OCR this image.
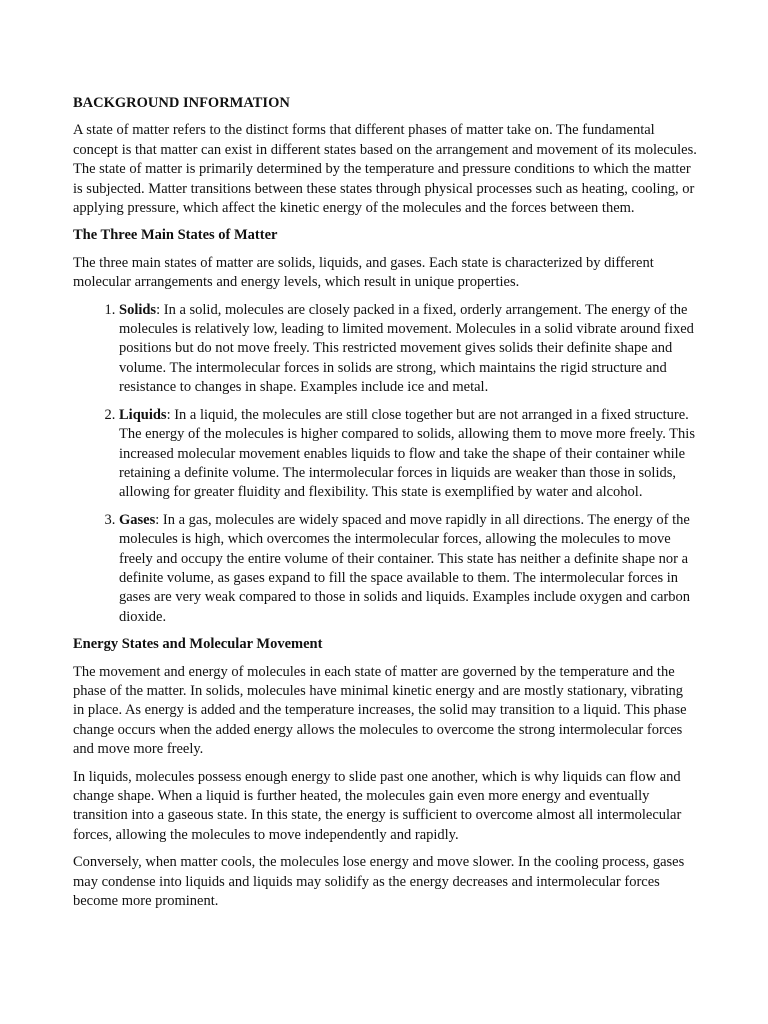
BACKGROUND INFORMATION

A state of matter refers to the distinct forms that different phases of matter take on. The fundamental concept is that matter can exist in different states based on the arrangement and movement of its molecules. The state of matter is primarily determined by the temperature and pressure conditions to which the matter is subjected. Matter transitions between these states through physical processes such as heating, cooling, or applying pressure, which affect the kinetic energy of the molecules and the forces between them.

The Three Main States of Matter

The three main states of matter are solids, liquids, and gases. Each state is characterized by different molecular arrangements and energy levels, which result in unique properties.

1. Solids: In a solid, molecules are closely packed in a fixed, orderly arrangement. The energy of the molecules is relatively low, leading to limited movement. Molecules in a solid vibrate around fixed positions but do not move freely. This restricted movement gives solids their definite shape and volume. The intermolecular forces in solids are strong, which maintains the rigid structure and resistance to changes in shape. Examples include ice and metal.
2. Liquids: In a liquid, the molecules are still close together but are not arranged in a fixed structure. The energy of the molecules is higher compared to solids, allowing them to move more freely. This increased molecular movement enables liquids to flow and take the shape of their container while retaining a definite volume. The intermolecular forces in liquids are weaker than those in solids, allowing for greater fluidity and flexibility. This state is exemplified by water and alcohol.
3. Gases: In a gas, molecules are widely spaced and move rapidly in all directions. The energy of the molecules is high, which overcomes the intermolecular forces, allowing the molecules to move freely and occupy the entire volume of their container. This state has neither a definite shape nor a definite volume, as gases expand to fill the space available to them. The intermolecular forces in gases are very weak compared to those in solids and liquids. Examples include oxygen and carbon dioxide.
Energy States and Molecular Movement

The movement and energy of molecules in each state of matter are governed by the temperature and the phase of the matter. In solids, molecules have minimal kinetic energy and are mostly stationary, vibrating in place. As energy is added and the temperature increases, the solid may transition to a liquid. This phase change occurs when the added energy allows the molecules to overcome the strong intermolecular forces and move more freely.

In liquids, molecules possess enough energy to slide past one another, which is why liquids can flow and change shape. When a liquid is further heated, the molecules gain even more energy and eventually transition into a gaseous state. In this state, the energy is sufficient to overcome almost all intermolecular forces, allowing the molecules to move independently and rapidly.

Conversely, when matter cools, the molecules lose energy and move slower. In the cooling process, gases may condense into liquids and liquids may solidify as the energy decreases and intermolecular forces become more prominent.
